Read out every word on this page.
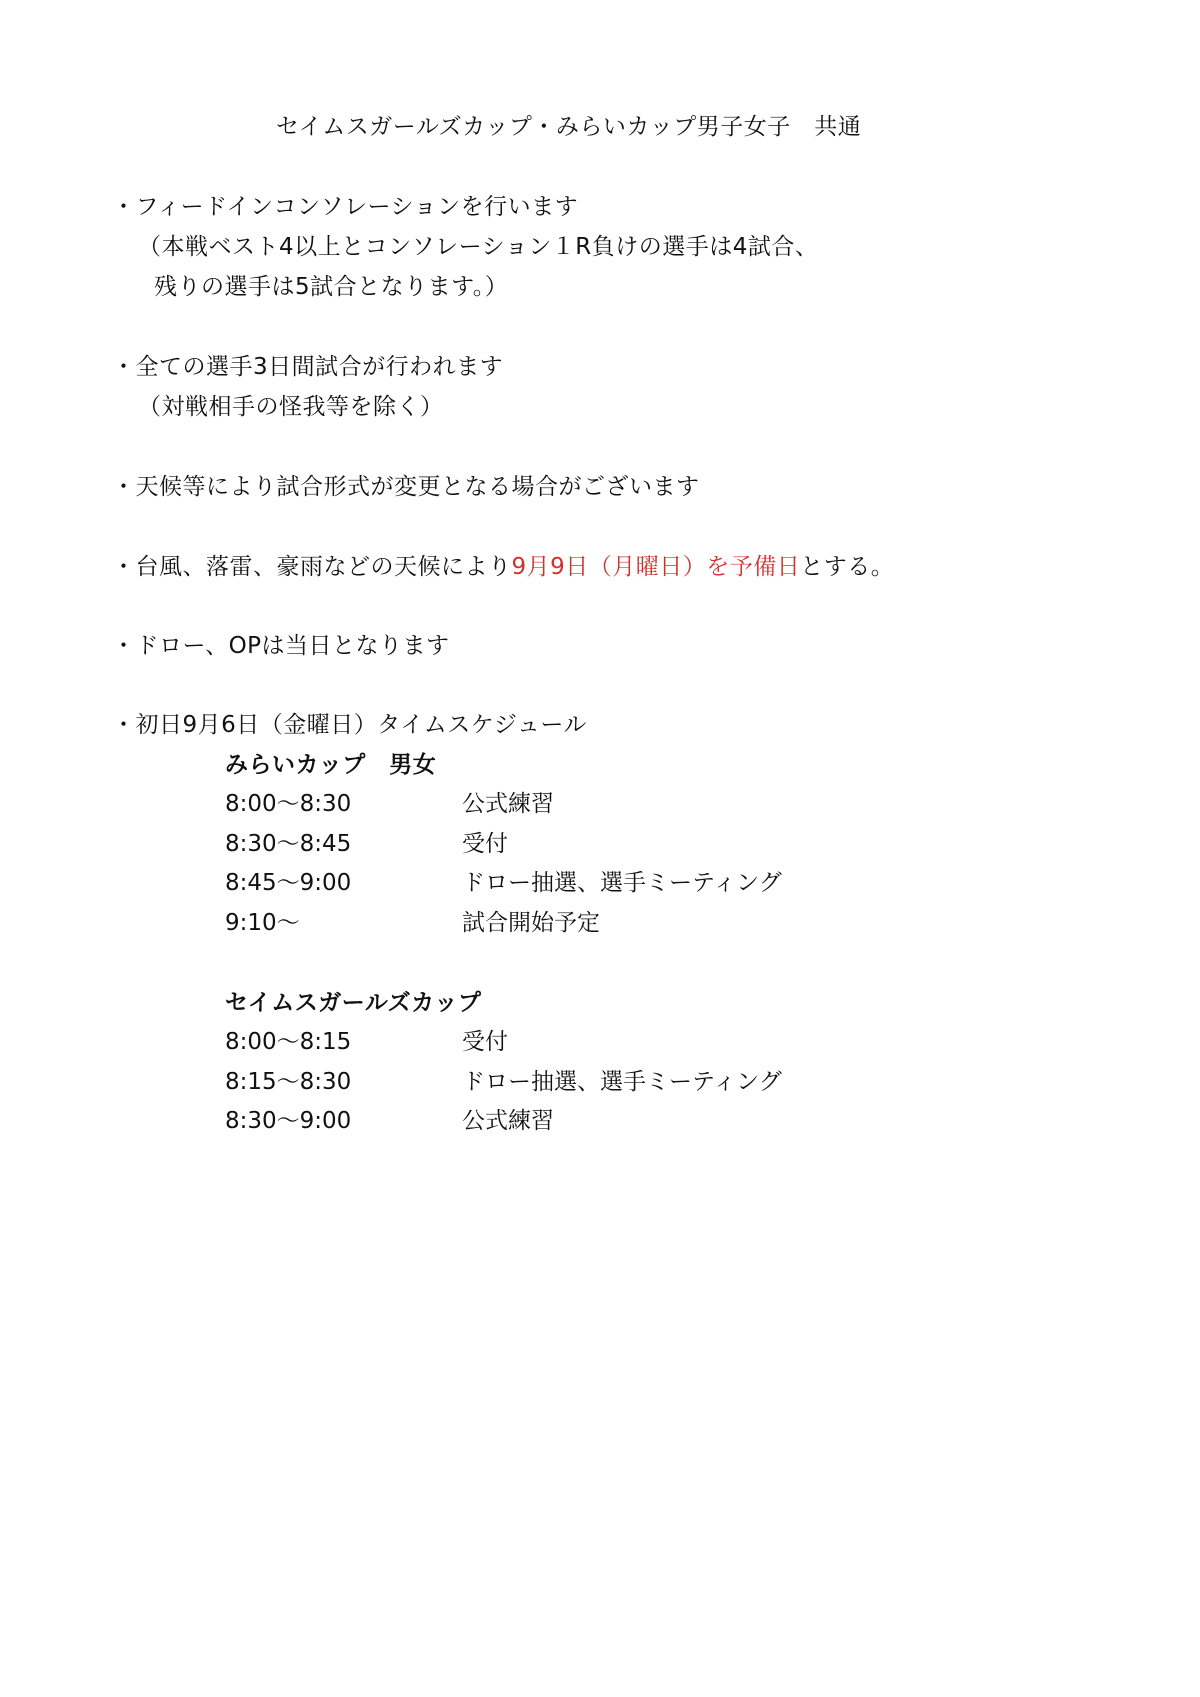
セイムスガールズカップ・みらいカップ男子女子　共通
・フィードインコンソレーションを行います
（本戦ベスト4以上とコンソレーション１R負けの選手は4試合、
残りの選手は5試合となります。）
・全ての選手3日間試合が行われます
（対戦相手の怪我等を除く）
・天候等により試合形式が変更となる場合がございます
・台風、落雷、豪雨などの天候により9月9日（月曜日）を予備日とする。
・ドロー、OPは当日となります
・初日9月6日（金曜日）タイムスケジュール
みらいカップ　男女
8:00〜8:30	公式練習
8:30〜8:45	受付
8:45〜9:00	ドロー抽選、選手ミーティング
9:10〜	試合開始予定
セイムスガールズカップ
8:00〜8:15	受付
8:15〜8:30	ドロー抽選、選手ミーティング
8:30〜9:00	公式練習
